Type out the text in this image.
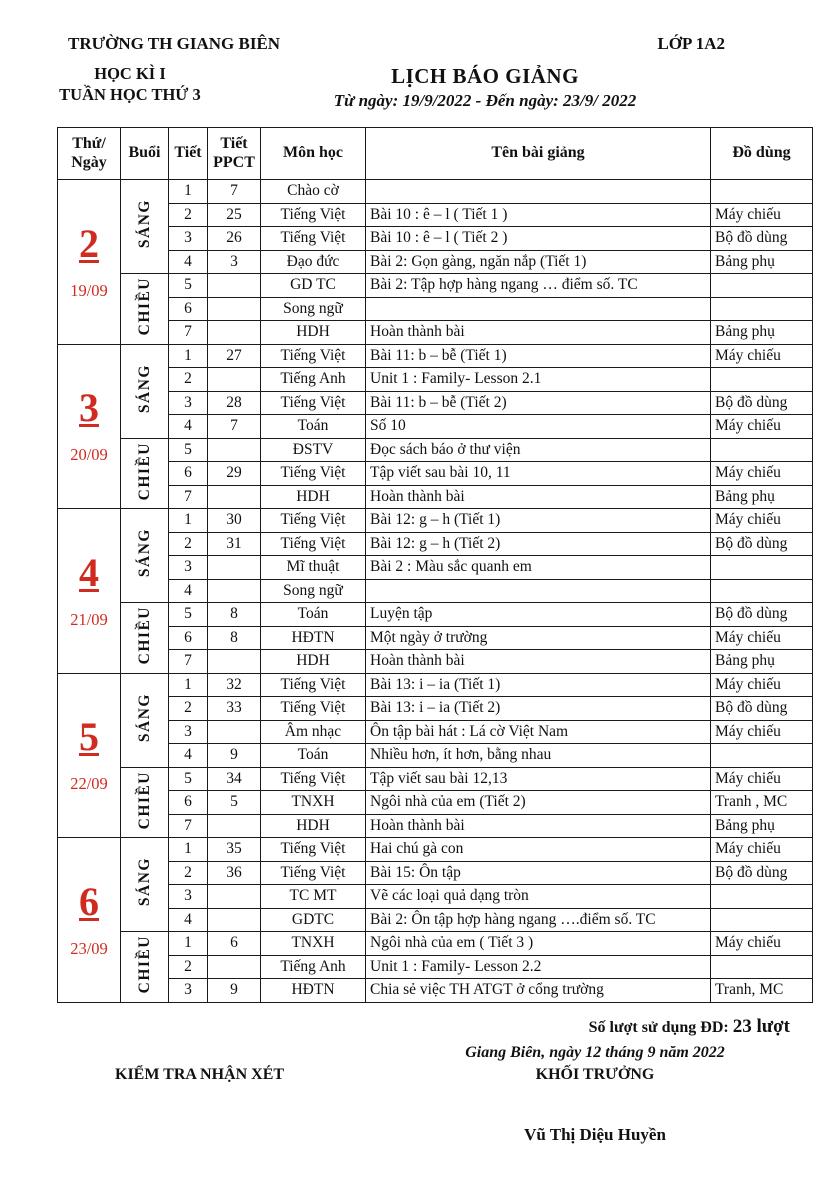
TRƯỜNG TH GIANG BIÊN	LỚP 1A2
HỌC KÌ I
TUẦN HỌC THỨ 3
LỊCH BÁO GIẢNG
Từ ngày: 19/9/2022 - Đến ngày: 23/9/ 2022
Thứ/ Ngày	Buổi	Tiết	Tiết PPCT	Môn học	Tên bài giảng	Đồ dùng

2
19/09	SÁNG	1	7	Chào cờ		
		2	25	Tiếng Việt	Bài 10 : ê – l ( Tiết 1 )	Máy chiếu
		3	26	Tiếng Việt	Bài 10 : ê – l ( Tiết 2 )	Bộ đồ dùng
		4	3	Đạo đức	Bài 2: Gọn gàng, ngăn nắp (Tiết 1)	Bảng phụ
	CHIỀU	5		GD TC	Bài 2: Tập hợp hàng ngang … điểm số. TC	
		6		Song ngữ		
		7		HDH	Hoàn thành bài	Bảng phụ

3
20/09	SÁNG	1	27	Tiếng Việt	Bài 11: b – bễ (Tiết 1)	Máy chiếu
		2		Tiếng Anh	Unit 1 : Family- Lesson 2.1	
		3	28	Tiếng Việt	Bài 11: b – bễ (Tiết 2)	Bộ đồ dùng
		4	7	Toán	Số 10	Máy chiếu
	CHIỀU	5		ĐSTV	Đọc sách báo ở thư viện	
		6	29	Tiếng Việt	Tập viết sau bài 10, 11	Máy chiếu
		7		HDH	Hoàn thành bài	Bảng phụ

4
21/09	SÁNG	1	30	Tiếng Việt	Bài 12: g – h (Tiết 1)	Máy chiếu
		2	31	Tiếng Việt	Bài 12: g – h (Tiết 2)	Bộ đồ dùng
		3		Mĩ thuật	Bài 2 : Màu sắc quanh em	
		4		Song ngữ		
	CHIỀU	5	8	Toán	Luyện tập	Bộ đồ dùng
		6	8	HĐTN	Một ngày ở trường	Máy chiếu
		7		HDH	Hoàn thành bài	Bảng phụ

5
22/09	SÁNG	1	32	Tiếng Việt	Bài 13: i – ia (Tiết 1)	Máy chiếu
		2	33	Tiếng Việt	Bài 13: i – ia (Tiết 2)	Bộ đồ dùng
		3		Âm nhạc	Ôn tập bài hát : Lá cờ Việt Nam	Máy chiếu
		4	9	Toán	Nhiều hơn, ít hơn, bằng nhau	
	CHIỀU	5	34	Tiếng Việt	Tập viết sau bài 12,13	Máy chiếu
		6	5	TNXH	Ngôi nhà của em (Tiết 2)	Tranh , MC
		7		HDH	Hoàn thành bài	Bảng phụ

6
23/09	SÁNG	1	35	Tiếng Việt	Hai chú gà con	Máy chiếu
		2	36	Tiếng Việt	Bài 15: Ôn tập	Bộ đồ dùng
		3		TC MT	Vẽ các loại quả dạng tròn	
		4		GDTC	Bài 2: Ôn tập hợp hàng ngang ….điểm số. TC	
	CHIỀU	1	6	TNXH	Ngôi nhà của em ( Tiết 3 )	Máy chiếu
		2		Tiếng Anh	Unit 1 : Family- Lesson 2.2	
		3	9	HĐTN	Chia sẻ việc TH ATGT ở cổng trường	Tranh, MC
Số lượt sử dụng ĐD: 23 lượt
Giang Biên, ngày 12 tháng 9 năm 2022
KIỂM TRA NHẬN XÉT	KHỐI TRƯỞNG
Vũ Thị Diệu Huyền
